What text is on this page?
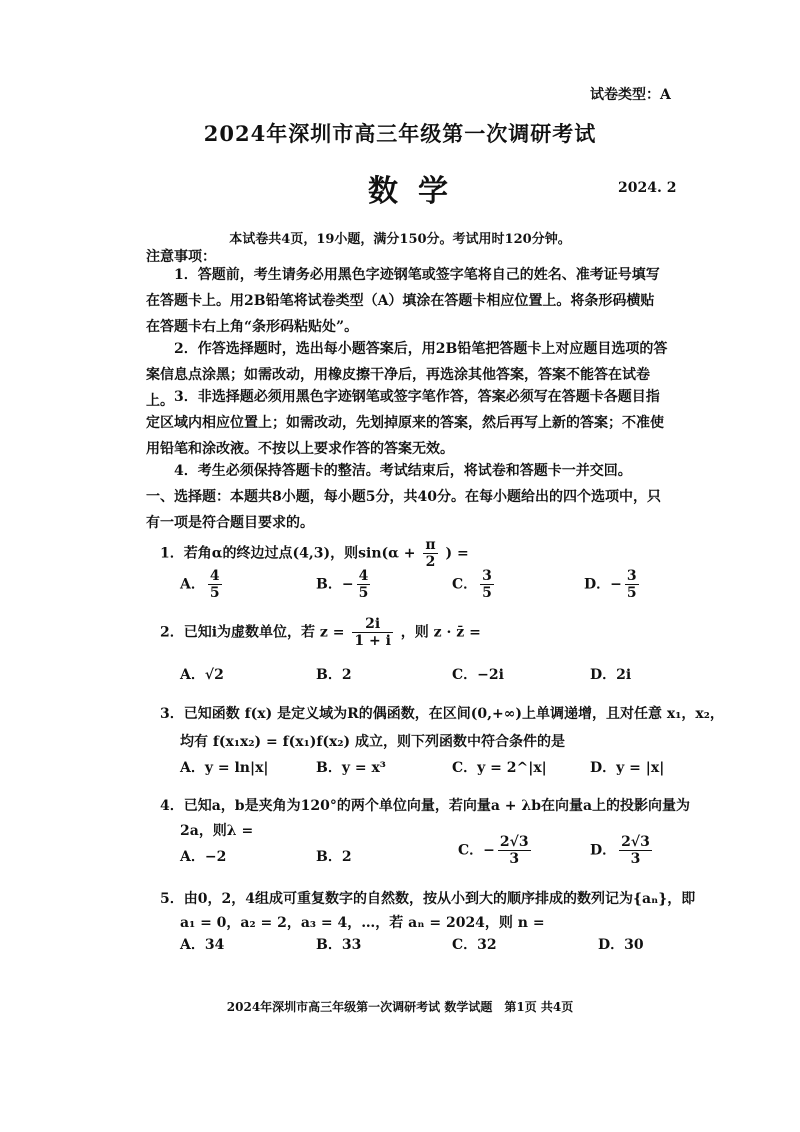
试卷类型：A
2024年深圳市高三年级第一次调研考试
数学	2024. 2
本试卷共4页，19小题，满分150分。考试用时120分钟。
注意事项：
1．答题前，考生请务必用黑色字迹钢笔或签字笔将自己的姓名、准考证号填写在答题卡上。用2B铅笔将试卷类型（A）填涂在答题卡相应位置上。将条形码横贴在答题卡右上角“条形码粘贴处”。
2．作答选择题时，选出每小题答案后，用2B铅笔把答题卡上对应题目选项的答案信息点涂黑；如需改动，用橡皮擦干净后，再选涂其他答案，答案不能答在试卷上。 3．非选择题必须用黑色字迹钢笔或签字笔作答，答案必须写在答题卡各题目指定区域内相应位置上；如需改动，先划掉原来的答案，然后再写上新的答案；不准使用铅笔和涂改液。不按以上要求作答的答案无效。
4．考生必须保持答题卡的整洁。考试结束后，将试卷和答题卡一并交回。
一、选择题：本题共8小题，每小题5分，共40分。在每小题给出的四个选项中，只有一项是符合题目要求的。
1．若角α的终边过点(4,3)，则$\sin(\alpha + \frac{\pi}{2}$ ) =
A． $\frac{4}{5}$	B．− $\frac{4}{5}$	C． $\frac{3}{5}$	D．− $\frac{3}{5}$
2．已知i为虚数单位，若 $z = \frac{2i}{1 + i}$ ，则 z · z̄ =
A．√2	B．2	C．−2i	D．2i
3．已知函数 f(x) 是定义域为R的偶函数，在区间(0,+∞)上单调递增，且对任意 x₁，x₂，
均有 f(x₁x₂) = f(x₁)f(x₂) 成立，则下列函数中符合条件的是
A．y = ln|x|	B．y = x³	C．y = 2^|x|	D．y = |x|
4．已知a，b是夹角为120°的两个单位向量，若向量a + λb在向量a上的投影向量为
2a，则λ =
A．−2	B．2	C．− $\frac{2√3}{3}$	D． $\frac{2√3}{3}$
5．由0，2，4组成可重复数字的自然数，按从小到大的顺序排成的数列记为{aₙ}，即
a₁ = 0，a₂ = 2，a₃ = 4，…，若 aₙ = 2024，则 n =
A．34	B．33	C．32	D．30
2024年深圳市高三年级第一次调研考试 数学试题　第1页 共4页
